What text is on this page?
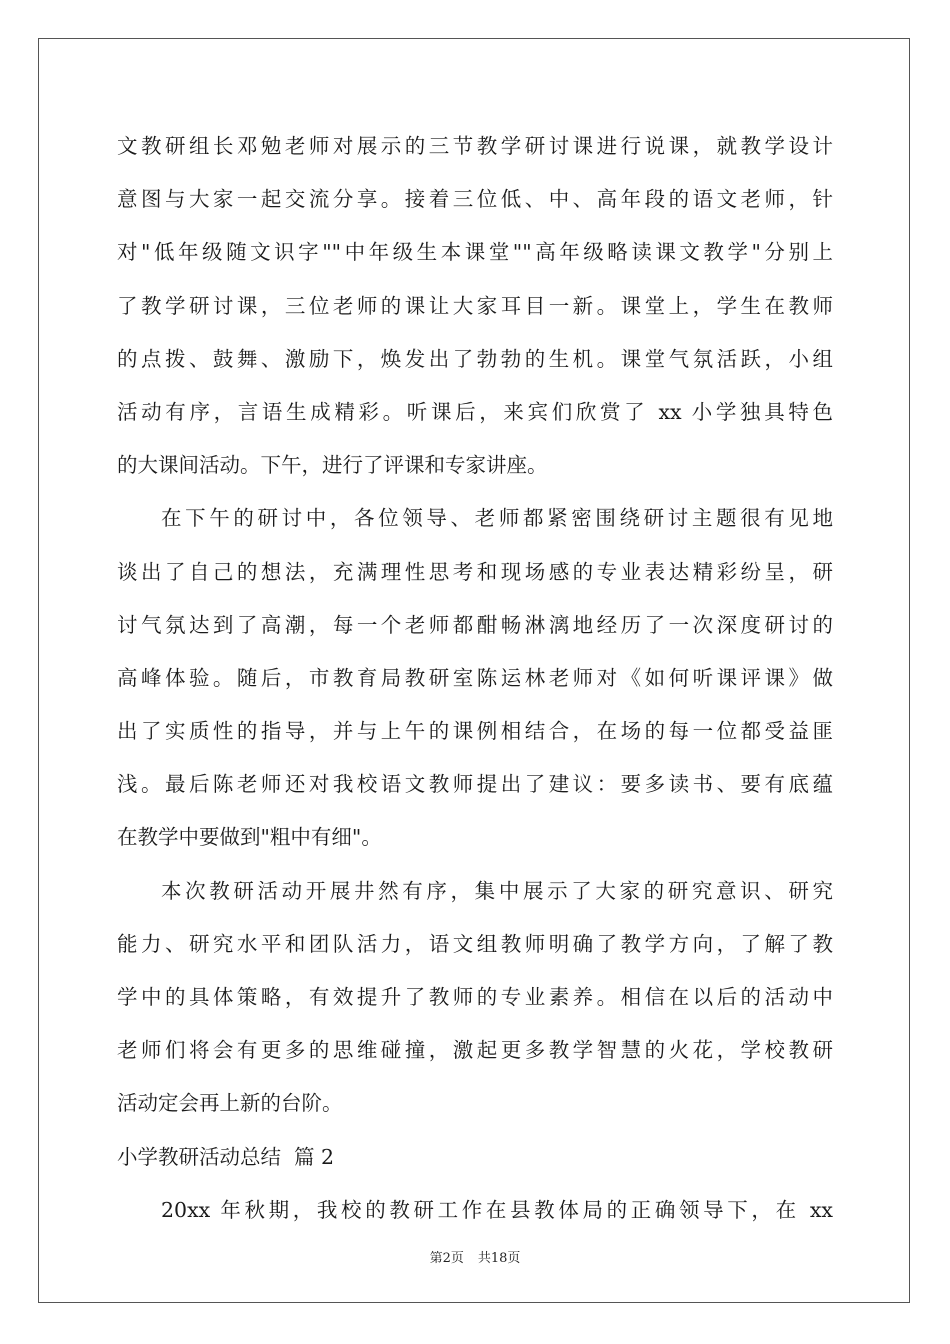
文教研组长邓勉老师对展示的三节教学研讨课进行说课，就教学设计
意图与大家一起交流分享。接着三位低、中、高年段的语文老师，针
对"低年级随文识字""中年级生本课堂""高年级略读课文教学"分别上
了教学研讨课，三位老师的课让大家耳目一新。课堂上，学生在教师
的点拨、鼓舞、激励下，焕发出了勃勃的生机。课堂气氛活跃，小组
活动有序，言语生成精彩。听课后，来宾们欣赏了 xx 小学独具特色
的大课间活动。下午，进行了评课和专家讲座。
在下午的研讨中，各位领导、老师都紧密围绕研讨主题很有见地
谈出了自己的想法，充满理性思考和现场感的专业表达精彩纷呈，研
讨气氛达到了高潮，每一个老师都酣畅淋漓地经历了一次深度研讨的
高峰体验。随后，市教育局教研室陈运林老师对《如何听课评课》做
出了实质性的指导，并与上午的课例相结合，在场的每一位都受益匪
浅。最后陈老师还对我校语文教师提出了建议：要多读书、要有底蕴
在教学中要做到"粗中有细"。
本次教研活动开展井然有序，集中展示了大家的研究意识、研究
能力、研究水平和团队活力，语文组教师明确了教学方向，了解了教
学中的具体策略，有效提升了教师的专业素养。相信在以后的活动中
老师们将会有更多的思维碰撞，激起更多教学智慧的火花，学校教研
活动定会再上新的台阶。
小学教研活动总结  篇 2
20xx 年秋期，我校的教研工作在县教体局的正确领导下，在 xx
第2页 共18页
